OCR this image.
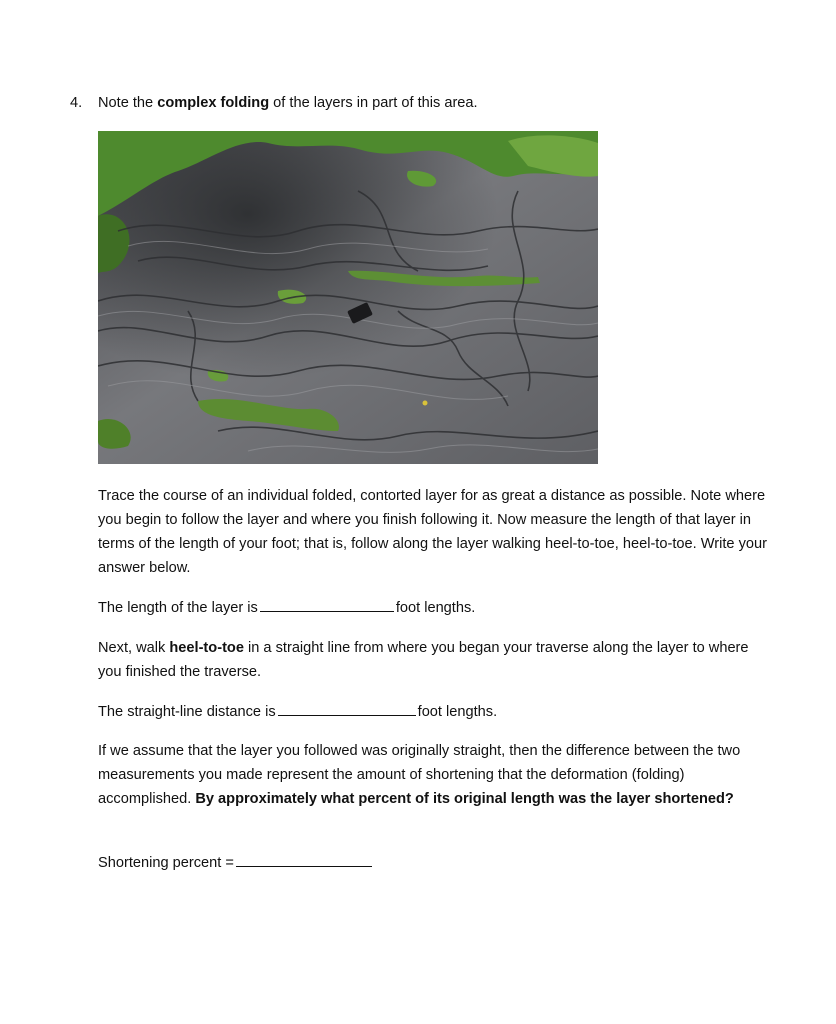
4. Note the complex folding of the layers in part of this area.

Trace the course of an individual folded, contorted layer for as great a distance as possible. Note where you begin to follow the layer and where you finish following it. Now measure the length of that layer in terms of the length of your foot; that is, follow along the layer walking heel-to-toe, heel-to-toe. Write your answer below.

The length of the layer is	foot lengths.

Next, walk heel-to-toe in a straight line from where you began your traverse along the layer to where you finished the traverse.

The straight-line distance is	foot lengths.

If we assume that the layer you followed was originally straight, then the difference between the two measurements you made represent the amount of shortening that the deformation (folding) accomplished. By approximately what percent of its original length was the layer shortened?

Shortening percent =
